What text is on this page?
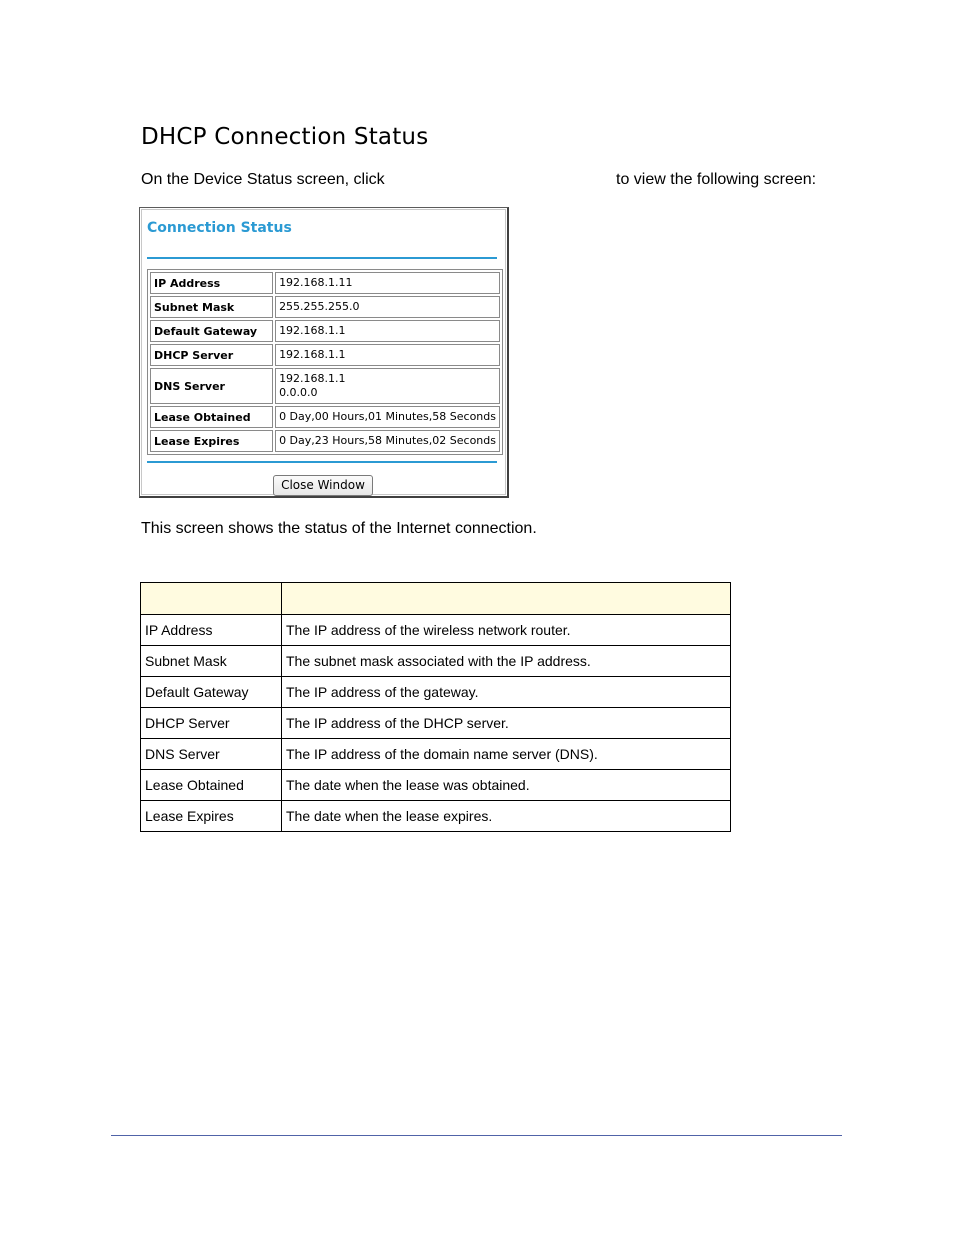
DHCP Connection Status
On the Device Status screen, click	to view the following screen:
Connection Status
IP Address	192.168.1.11

Subnet Mask	255.255.255.0

Default Gateway	192.168.1.1

DHCP Server	192.168.1.1

DNS Server	192.168.1.1
0.0.0.0

Lease Obtained	0 Day,00 Hours,01 Minutes,58 Seconds

Lease Expires	0 Day,23 Hours,58 Minutes,02 Seconds
Close Window
This screen shows the status of the Internet connection.

IP Address	The IP address of the wireless network router.
Subnet Mask	The subnet mask associated with the IP address.
Default Gateway	The IP address of the gateway.
DHCP Server	The IP address of the DHCP server.
DNS Server	The IP address of the domain name server (DNS).
Lease Obtained	The date when the lease was obtained.
Lease Expires	The date when the lease expires.
